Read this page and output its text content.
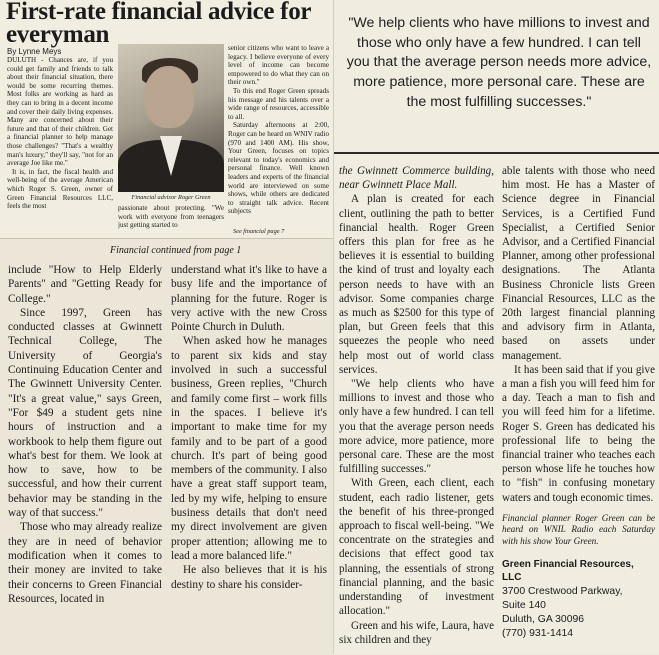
First-rate financial advice for everyman
By Lynne Meys

DULUTH - Chances are, if you could get family and friends to talk about their financial situation, there would be some recurring themes. Most folks are working as hard as they can to bring in a decent income and cover their daily living expenses. Many are concerned about their future and that of their children. Get a financial planner to help manage those challenges? "That's a wealthy man's luxury," they'll say, "not for an average Joe like me."

It is, in fact, the fiscal health and well-being of the average American which Roger S. Green, owner of Green Financial Resources LLC, feels the most

Financial advisor Roger Green

passionate about protecting. "We work with everyone from teenagers just getting started to

senior citizens who want to leave a legacy. I believe everyone of every level of income can become empowered to do what they can on their own."

To this end Roger Green spreads his message and his talents over a wide range of resources, accessible to all.

Saturday afternoons at 2:00, Roger can be heard on WNIV radio (970 and 1400 AM). His show, Your Green, focuses on topics relevant to today's economics and personal finance. Well known leaders and experts of the financial world are interviewed on some shows, while others are dedicated to straight talk advice. Recent subjects

See financial page 7
Financial continued from page 1

include "How to Help Elderly Parents" and "Getting Ready for College."

Since 1997, Green has conducted classes at Gwinnett Technical College, The University of Georgia's Continuing Education Center and The Gwinnett University Center. "It's a great value," says Green, "For $49 a student gets nine hours of instruction and a workbook to help them figure out what's best for them. We look at how to save, how to be successful, and how their current behavior may be standing in the way of that success."

Those who may already realize they are in need of behavior modification when it comes to their money are invited to take their concerns to Green Financial Resources, located in

understand what it's like to have a busy life and the importance of planning for the future. Roger is very active with the new Cross Pointe Church in Duluth.

When asked how he manages to parent six kids and stay involved in such a successful business, Green replies, "Church and family come first – work fills in the spaces. I believe it's important to make time for my family and to be part of a good church. It's part of being good members of the community. I also have a great staff support team, led by my wife, helping to ensure business details that don't need my direct involvement are given proper attention; allowing me to lead a more balanced life."

He also believes that it is his destiny to share his consider-

"We help clients who have millions to invest and those who only have a few hundred. I can tell you that the average person needs more advice, more patience, more personal care. These are the most fulfilling successes."

the Gwinnett Commerce building, near Gwinnett Place Mall.

A plan is created for each client, outlining the path to better financial health. Roger Green offers this plan for free as he believes it is essential to building the kind of trust and loyalty each person needs to have with an advisor. Some companies charge as much as $2500 for this type of plan, but Green feels that this squeezes the people who need help most out of world class services.

"We help clients who have millions to invest and those who only have a few hundred. I can tell you that the average person needs more advice, more patience, more personal care. These are the most fulfilling successes."

With Green, each client, each student, each radio listener, gets the benefit of his three-pronged approach to fiscal well-being. "We concentrate on the strategies and decisions that effect good tax planning, the essentials of strong financial planning, and the basic understanding of investment allocation."

Green and his wife, Laura, have six children and they

able talents with those who need him most. He has a Master of Science degree in Financial Services, is a Certified Fund Specialist, a Certified Senior Advisor, and a Certified Financial Planner, among other professional designations. The Atlanta Business Chronicle lists Green Financial Resources, LLC as the 20th largest financial planning and advisory firm in Atlanta, based on assets under management.

It has been said that if you give a man a fish you will feed him for a day. Teach a man to fish and you will feed him for a lifetime. Roger S. Green has dedicated his professional life to being the financial trainer who teaches each person whose life he touches how to "fish" in confusing monetary waters and tough economic times.

Financial planner Roger Green can be heard on WNIL Radio each Saturday with his show Your Green.

Green Financial Resources, LLC
3700 Crestwood Parkway,
Suite 140
Duluth, GA 30096
(770) 931-1414
